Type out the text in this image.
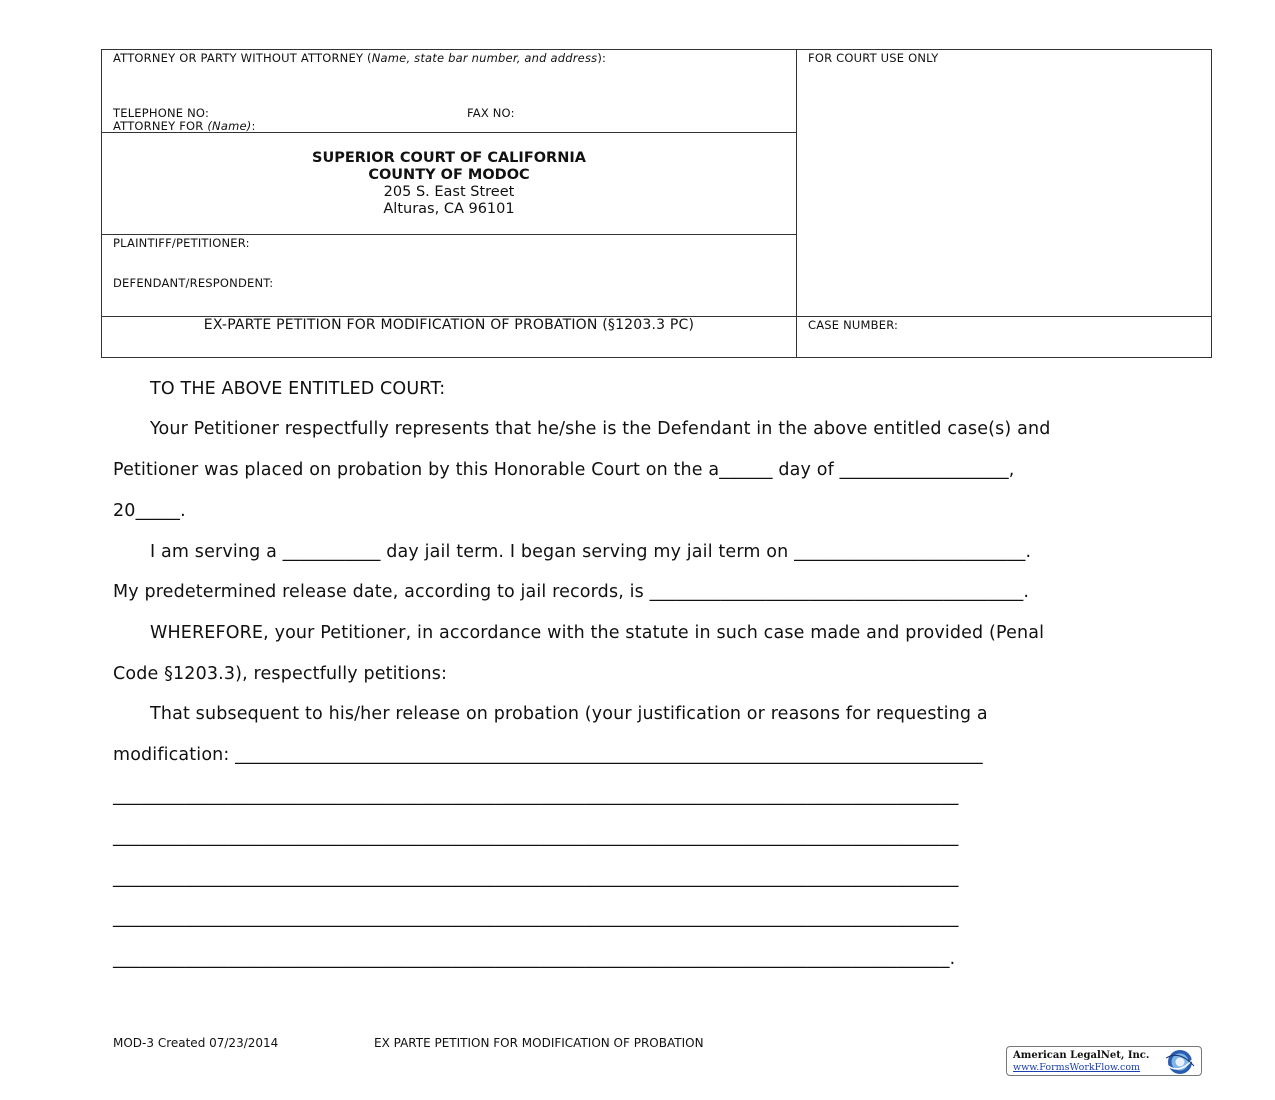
ATTORNEY OR PARTY WITHOUT ATTORNEY (Name, state bar number, and address):	FOR COURT USE ONLY
TELEPHONE NO:	FAX NO:
ATTORNEY FOR (Name):
SUPERIOR COURT OF CALIFORNIA
COUNTY OF MODOC
205 S. East Street
Alturas, CA 96101
PLAINTIFF/PETITIONER:
DEFENDANT/RESPONDENT:
EX-PARTE PETITION FOR MODIFICATION OF PROBATION (§1203.3 PC)	CASE NUMBER:
TO THE ABOVE ENTITLED COURT:
Your Petitioner respectfully represents that he/she is the Defendant in the above entitled case(s) and
Petitioner was placed on probation by this Honorable Court on the a______ day of ___________________,
20_____.
I am serving a ___________ day jail term. I began serving my jail term on __________________________.
My predetermined release date, according to jail records, is __________________________________________.
WHEREFORE, your Petitioner, in accordance with the statute in such case made and provided (Penal
Code §1203.3), respectfully petitions:
That subsequent to his/her release on probation (your justification or reasons for requesting a
modification: ____________________________________________________________________________________
_______________________________________________________________________________________________
_______________________________________________________________________________________________
_______________________________________________________________________________________________
_______________________________________________________________________________________________
______________________________________________________________________________________________.
MOD-3 Created 07/23/2014	EX PARTE PETITION FOR MODIFICATION OF PROBATION
American LegalNet, Inc.
www.FormsWorkFlow.com
